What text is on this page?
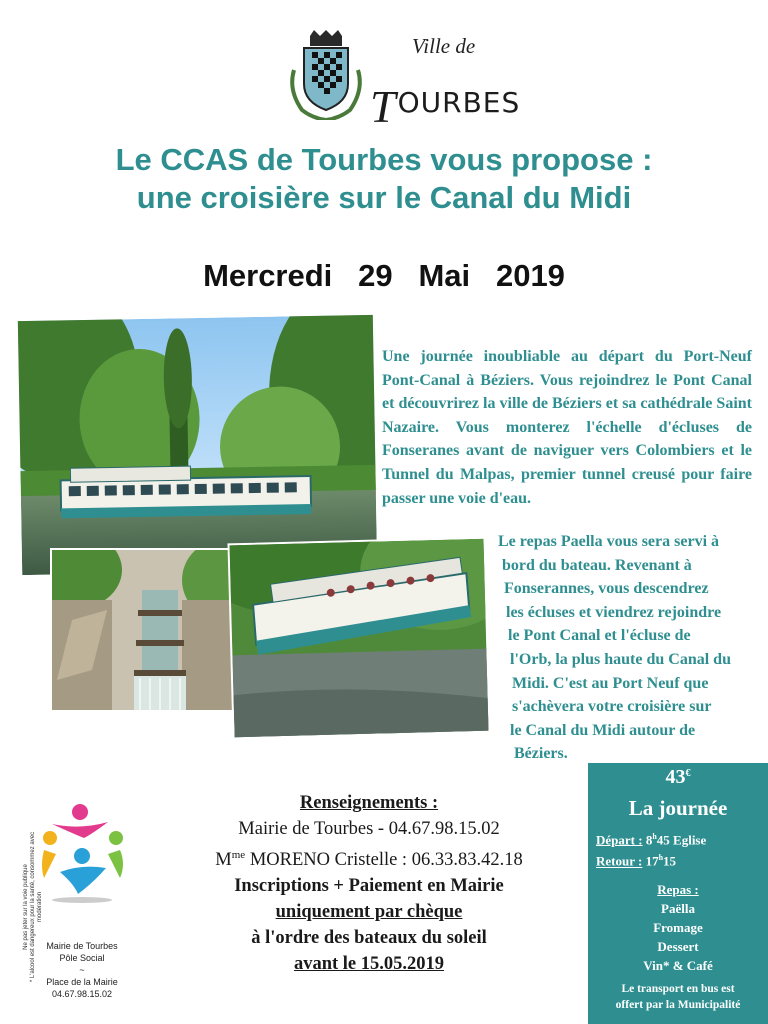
Ville de
TOURBES
Le CCAS de Tourbes vous propose :
une croisière sur le Canal du Midi
Mercredi   29   Mai   2019
Une journée inoubliable au départ du Port-Neuf Pont-Canal à Béziers. Vous rejoindrez le Pont Canal et découvrirez la ville de Béziers et sa cathédrale Saint Nazaire. Vous monterez l'échelle d'écluses de Fonseranes avant de naviguer vers Colombiers et le Tunnel du Malpas, premier tunnel creusé pour faire passer une voie d'eau.
Le repas Paella vous sera servi à
bord du bateau. Revenant à
Fonserannes, vous descendrez
les écluses et viendrez rejoindre
le Pont Canal et l'écluse de
l'Orb, la plus haute du Canal du
Midi. C'est au Port Neuf que
s'achèvera votre croisière sur
le Canal du Midi autour de
Béziers.
Ne pas jeter sur la voie publique * L'alcool est dangereux pour la santé, consommez avec modération
Mairie de Tourbes
Pôle Social
~
Place de la Mairie
04.67.98.15.02
Renseignements :
Mairie de Tourbes - 04.67.98.15.02
$M^{me}$ MORENO Cristelle : 06.33.83.42.18
Inscriptions + Paiement en Mairie
uniquement par chèque
à l'ordre des bateaux du soleil
avant le 15.05.2019
43€
La journée
Départ : 8$^h$45 Eglise
Retour : 17$^h$15
Repas :
Paëlla
Fromage
Dessert
Vin* & Café
Le transport en bus est
offert par la Municipalité
